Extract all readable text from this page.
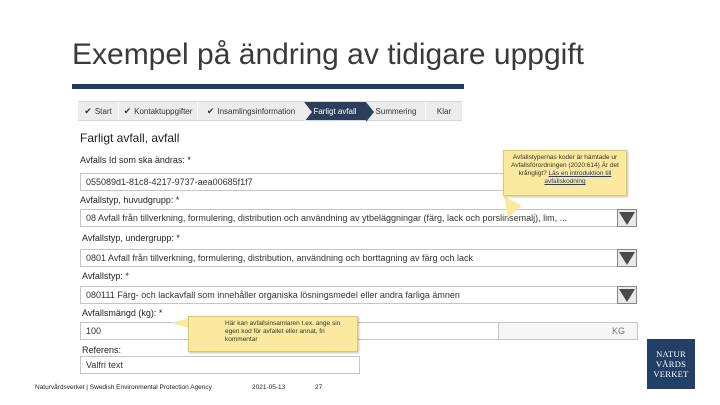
Exempel på ändring av tidigare uppgift
✔ Start ✔ Kontaktuppgifter ✔ Insamlingsinformation Farligt avfall Summering	Klar
Farligt avfall, avfall
Avfalls Id som ska ändras: *
055089d1-81c8-4217-9737-aea00685f1f7
Avfallstyp, huvudgrupp: *
08 Avfall från tillverkning, formulering, distribution och användning av ytbeläggningar (färg, lack och porslinsemalj), lim, ...
Avfallstyp, undergrupp: *
0801 Avfall från tillverkning, formulering, distribution, användning och borttagning av färg och lack
Avfallstyp: *
080111 Färg- och lackavfall som innehåller organiska lösningsmedel eller andra farliga ämnen
Avfallsmängd (kg): *
100	KG
Referens:
Valfri text
Avfallstypernas koder är hämtade ur Avfallsförordningen (2020:614) Är det krångligt? Läs en introduktion till avfallskodning
Här kan avfallsinsamlaren t.ex. ange sin egen kod för avfallet eller annat, fri kommentar
Naturvårdsverket | Swedish Environmental Protection Agency	2021-05-13	27
NATUR
VÅRDS
VERKET
